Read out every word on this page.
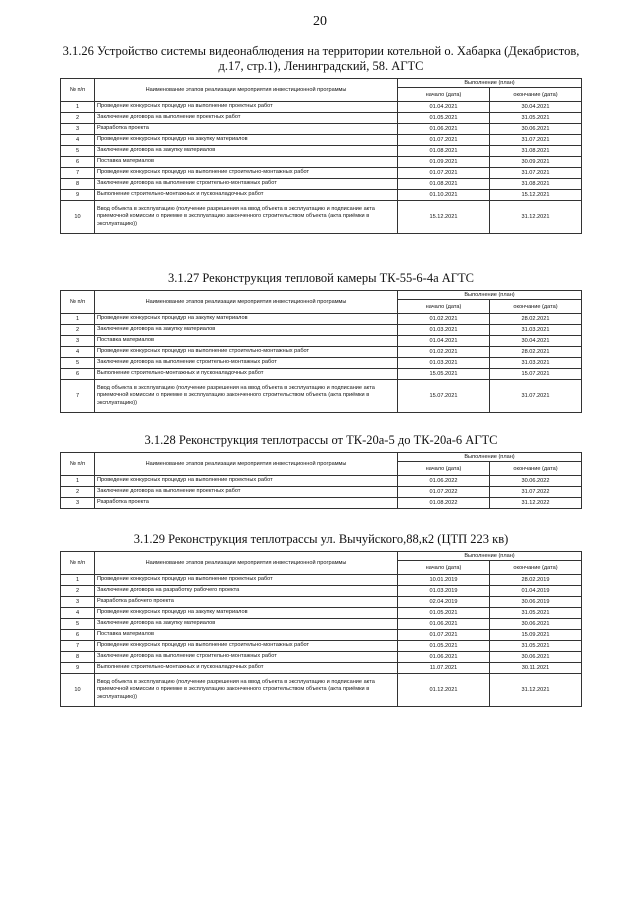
20
3.1.26 Устройство системы видеонаблюдения на территории котельной о. Хабарка (Декабристов, д.17, стр.1), Ленинградский, 58. АГТС
№ п/п	Наименование этапов реализации мероприятия инвестиционной программы	Выполнение (план)	
		начало (дата)	окончание (дата)
1	Проведение конкурсных процедур на выполнение проектных работ	01.04.2021	30.04.2021
2	Заключение договора на выполнение проектных работ	01.05.2021	31.05.2021
3	Разработка проекта	01.06.2021	30.06.2021
4	Проведение конкурсных процедур на закупку материалов	01.07.2021	31.07.2021
5	Заключение договора на закупку материалов	01.08.2021	31.08.2021
6	Поставка материалов	01.09.2021	30.09.2021
7	Проведение конкурсных процедур на выполнение строительно-монтажных работ	01.07.2021	31.07.2021
8	Заключение договора на выполнение строительно-монтажных работ	01.08.2021	31.08.2021
9	Выполнение строительно-монтажных и пусконаладочных работ	01.10.2021	15.12.2021
10	Ввод объекта в эксплуатацию (получение разрешения на ввод объекта в эксплуатацию и подписание акта приемочной комиссии о приемке в эксплуатацию законченного строительством объекта (акта приёмки в эксплуатацию))	15.12.2021	31.12.2021
3.1.27 Реконструкция тепловой камеры ТК-55-6-4а АГТС
№ п/п	Наименование этапов реализации мероприятия инвестиционной программы	Выполнение (план)	
		начало (дата)	окончание (дата)
1	Проведение конкурсных процедур на закупку материалов	01.02.2021	28.02.2021
2	Заключение договора на закупку материалов	01.03.2021	31.03.2021
3	Поставка материалов	01.04.2021	30.04.2021
4	Проведение конкурсных процедур на выполнение строительно-монтажных работ	01.02.2021	28.02.2021
5	Заключение договора на выполнение строительно-монтажных работ	01.03.2021	31.03.2021
6	Выполнение строительно-монтажных и пусконаладочных работ	15.05.2021	15.07.2021
7	Ввод объекта в эксплуатацию (получение разрешения на ввод объекта в эксплуатацию и подписание акта приемочной комиссии о приемке в эксплуатацию законченного строительством объекта (акта приёмки в эксплуатацию))	15.07.2021	31.07.2021
3.1.28 Реконструкция теплотрассы от ТК-20а-5 до ТК-20а-6 АГТС
№ п/п	Наименование этапов реализации мероприятия инвестиционной программы	Выполнение (план)	
		начало (дата)	окончание (дата)
1	Проведение конкурсных процедур на выполнение проектных работ	01.06.2022	30.06.2022
2	Заключение договора на выполнение проектных работ	01.07.2022	31.07.2022
3	Разработка проекта	01.08.2022	31.12.2022
3.1.29 Реконструкция теплотрассы ул. Вычуйского,88,к2 (ЦТП 223 кв)
№ п/п	Наименование этапов реализации мероприятия инвестиционной программы	Выполнение (план)	
		начало (дата)	окончание (дата)
1	Проведение конкурсных процедур на выполнение проектных работ	10.01.2019	28.02.2019
2	Заключение договора на разработку рабочего проекта	01.03.2019	01.04.2019
3	Разработка рабочего проекта	02.04.2019	30.06.2019
4	Проведение конкурсных процедур на закупку материалов	01.05.2021	31.05.2021
5	Заключение договора на закупку материалов	01.06.2021	30.06.2021
6	Поставка материалов	01.07.2021	15.09.2021
7	Проведение конкурсных процедур на выполнение строительно-монтажных работ	01.05.2021	31.05.2021
8	Заключение договора на выполнение строительно-монтажных работ	01.06.2021	30.06.2021
9	Выполнение строительно-монтажных и пусконаладочных работ	11.07.2021	30.11.2021
10	Ввод объекта в эксплуатацию (получение разрешения на ввод объекта в эксплуатацию и подписание акта приемочной комиссии о приемке в эксплуатацию законченного строительством объекта (акта приёмки в эксплуатацию))	01.12.2021	31.12.2021
